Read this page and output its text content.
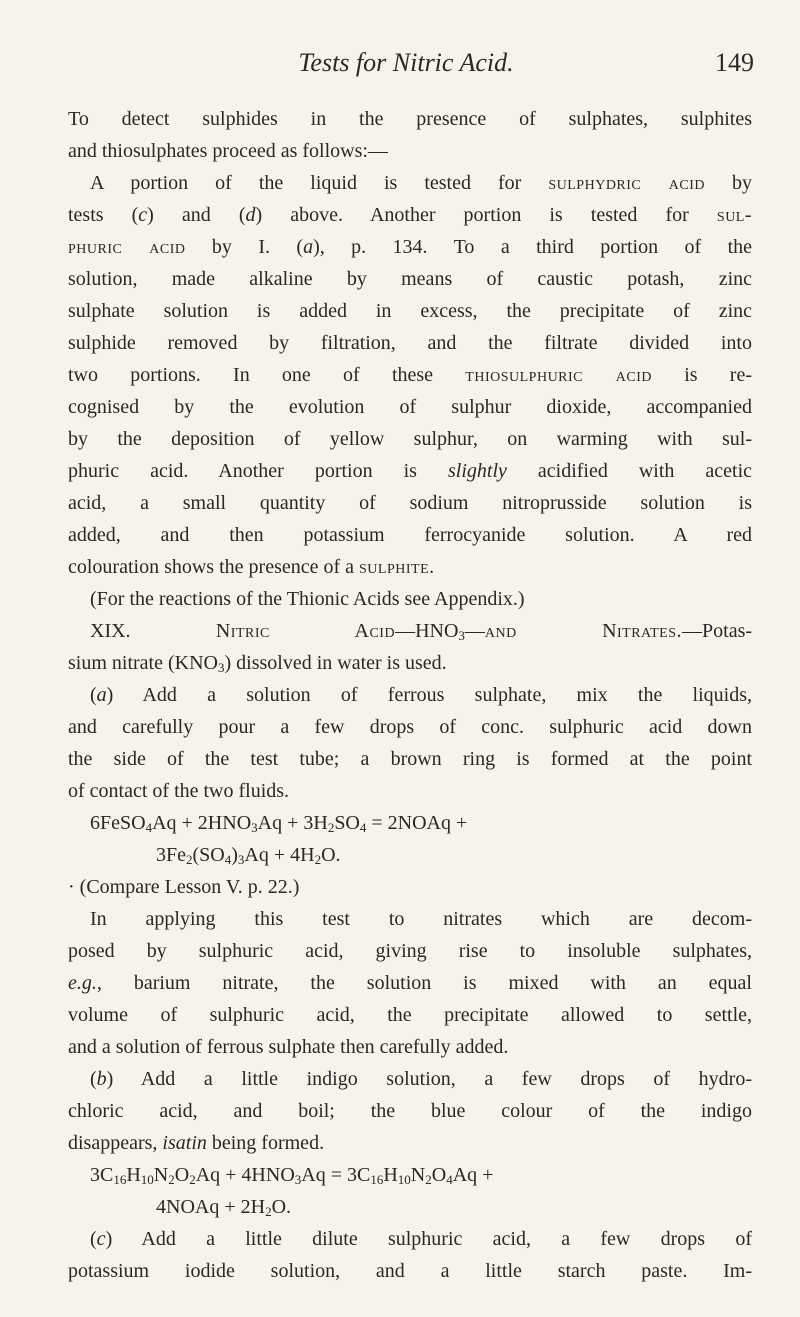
Tests for Nitric Acid.	149
To detect sulphides in the presence of sulphates, sulphites
and thiosulphates proceed as follows:—
A portion of the liquid is tested for sulphydric acid by
tests (c) and (d) above. Another portion is tested for sul-
phuric acid by I. (a), p. 134. To a third portion of the
solution, made alkaline by means of caustic potash, zinc
sulphate solution is added in excess, the precipitate of zinc
sulphide removed by filtration, and the filtrate divided into
two portions. In one of these thiosulphuric acid is re-
cognised by the evolution of sulphur dioxide, accompanied
by the deposition of yellow sulphur, on warming with sul-
phuric acid. Another portion is slightly acidified with acetic
acid, a small quantity of sodium nitroprusside solution is
added, and then potassium ferrocyanide solution. A red
colouration shows the presence of a sulphite.
(For the reactions of the Thionic Acids see Appendix.)
XIX.	Nitric $Acid—HNO_3—and$	Nitrates.—Potas-
sium nitrate $(KNO_3)$ dissolved in water is used.
(a) Add a solution of ferrous sulphate, mix the liquids,
and carefully pour a few drops of conc. sulphuric acid down
the side of the test tube; a brown ring is formed at the point
of contact of the two fluids.
6FeSO$_4$Aq + $2HNO_3Aq + 3H_2SO_4$ = 2NOAq +
$3Fe_2(SO_4)_3Aq + 4H_2O$.
· (Compare Lesson V. p. 22.)
In applying this test to nitrates which are decom-
posed by sulphuric acid, giving rise to insoluble sulphates,
e.g., barium nitrate, the solution is mixed with an equal
volume of sulphuric acid, the precipitate allowed to settle,
and a solution of ferrous sulphate then carefully added.
(b) Add a little indigo solution, a few drops of hydro-
chloric acid, and boil; the blue colour of the indigo
disappears, isatin being formed.
$3C_{16}H_{10}N_2O_2Aq + 4HNO_3Aq = 3C_{16}H_{10}N_2O_4Aq$ +
4NOAq + $2H_2O$.
(c) Add a little dilute sulphuric acid, a few drops of
potassium iodide solution, and a little starch paste. Im-
